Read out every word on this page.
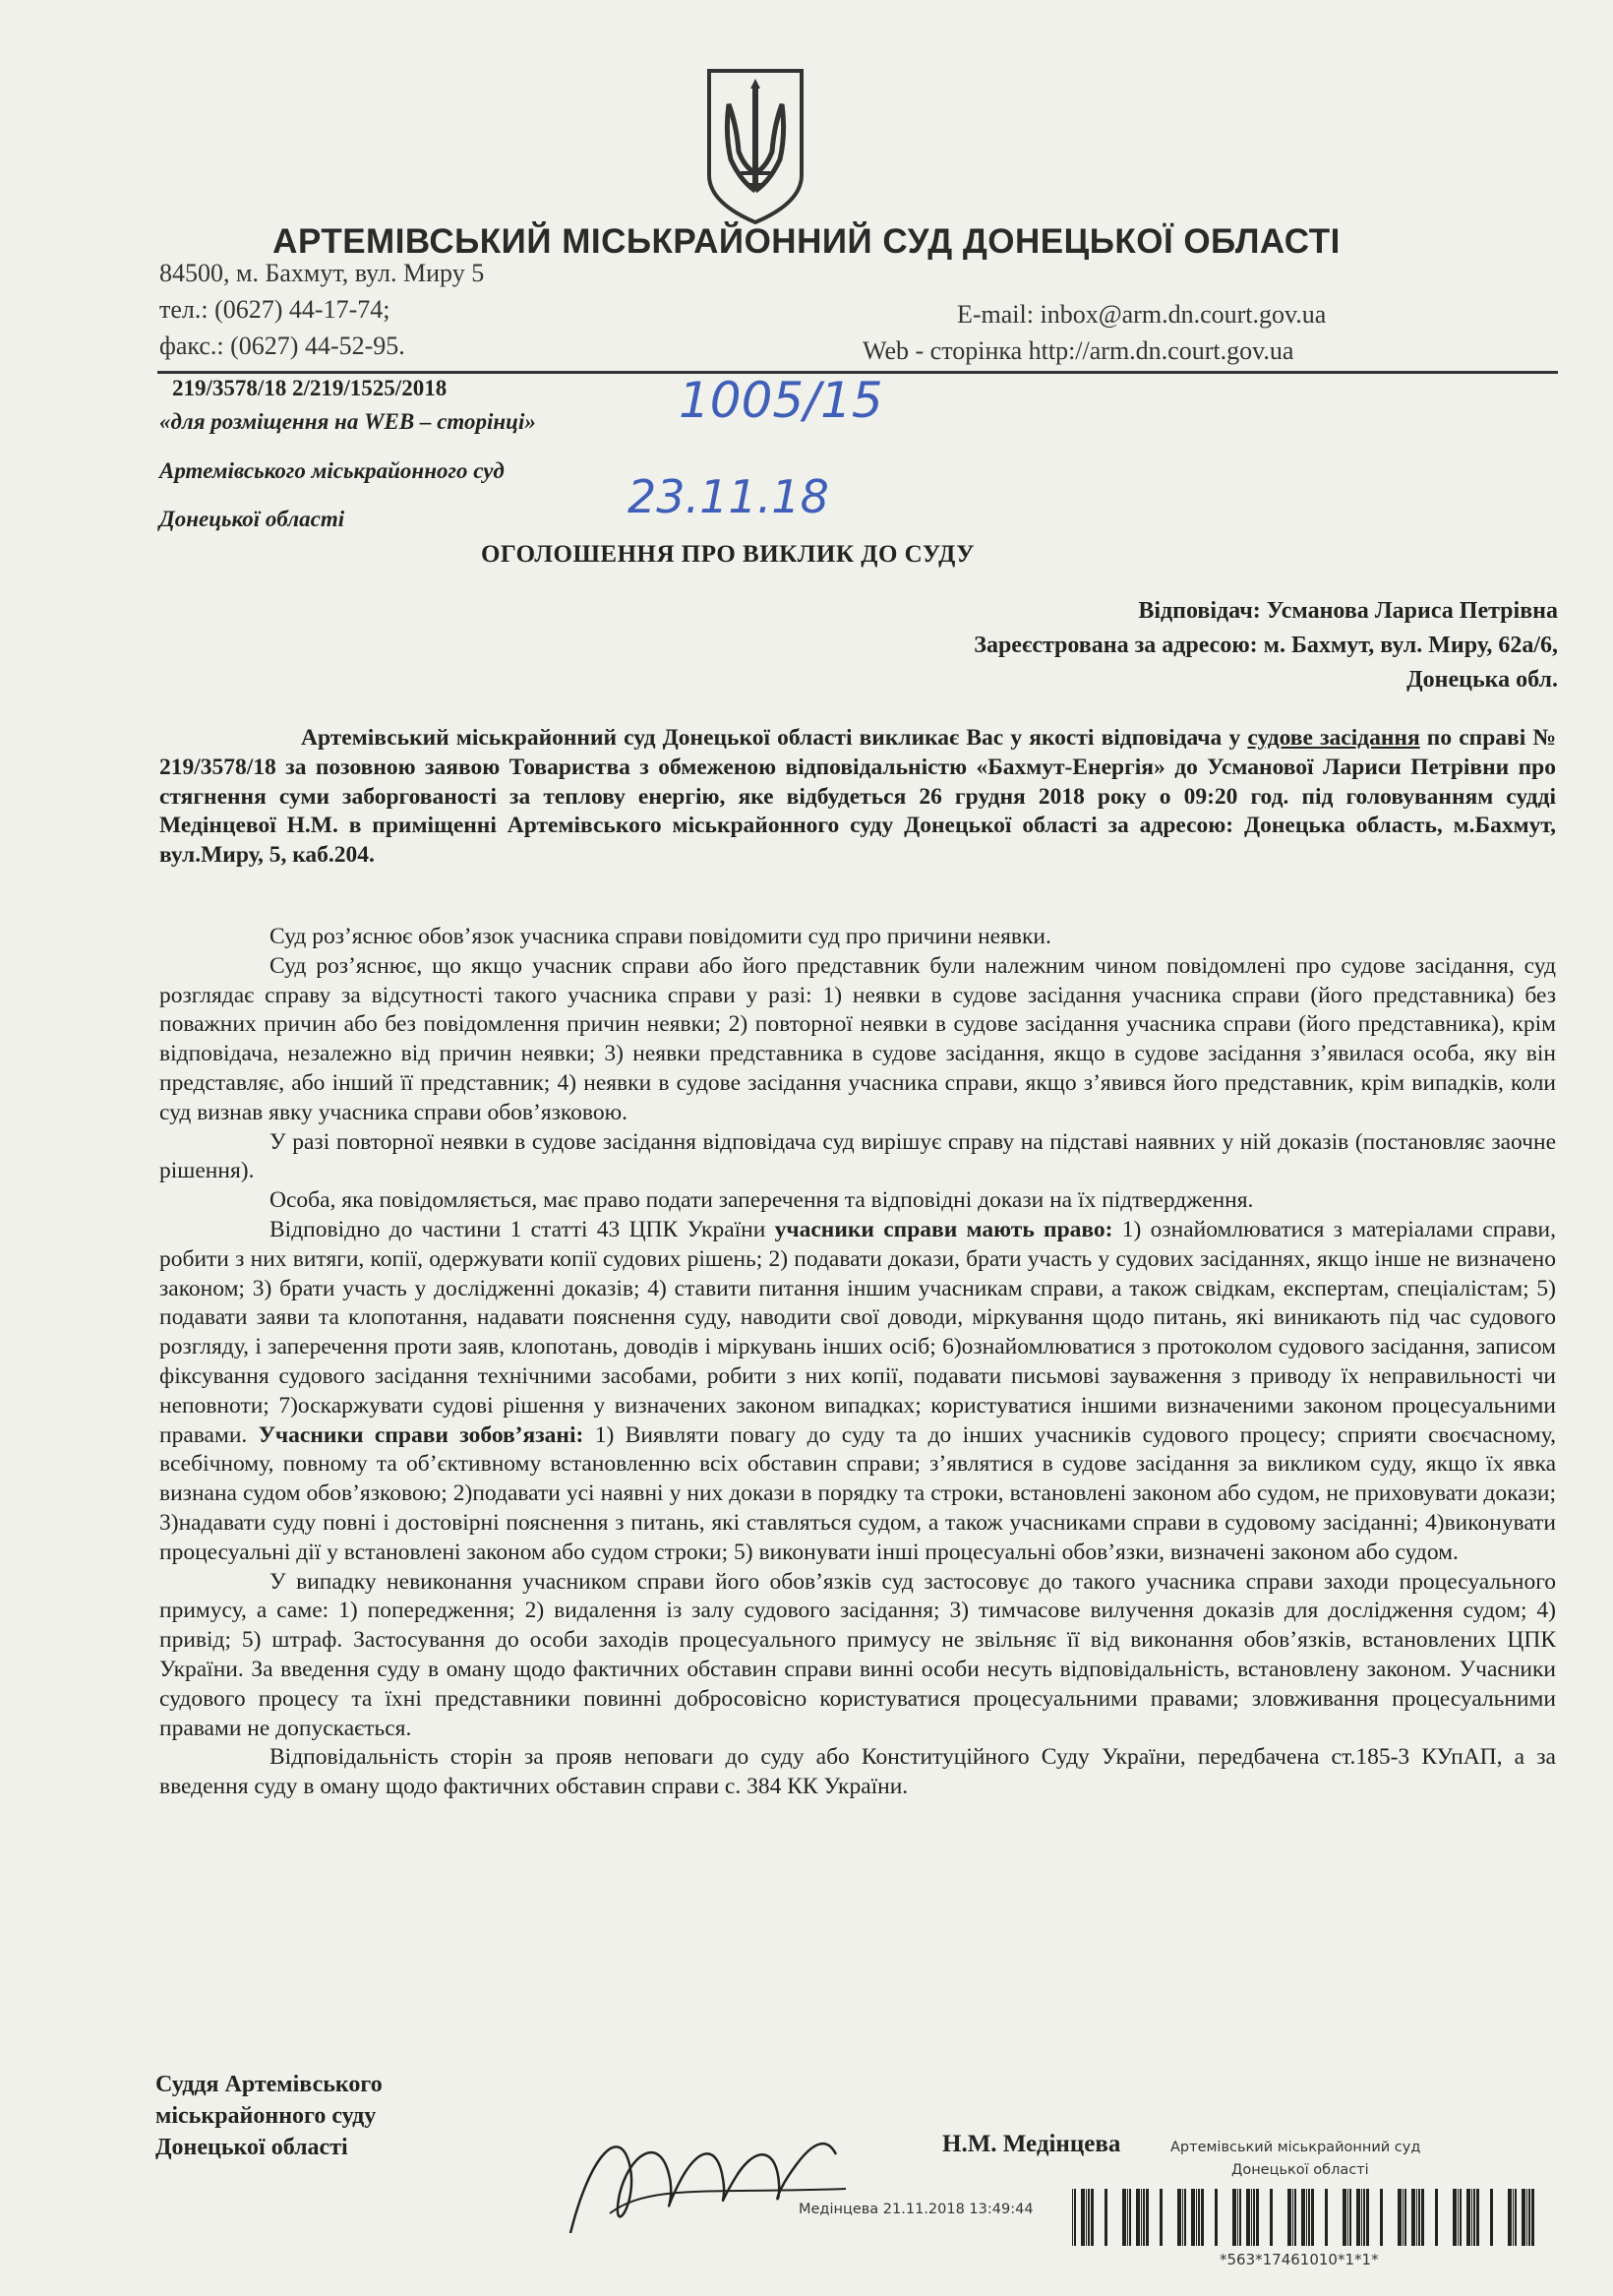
АРТЕМІВСЬКИЙ МІСЬКРАЙОННИЙ СУД ДОНЕЦЬКОЇ ОБЛАСТІ
84500, м. Бахмут, вул. Миру 5
тел.: (0627) 44-17-74;
факс.: (0627) 44-52-95.
E-mail: inbox@arm.dn.court.gov.ua
Web - сторінка http://arm.dn.court.gov.ua
219/3578/18 2/219/1525/2018
«для розміщення на WEB – сторінці»
Артемівського міськрайонного суд
Донецької області
1005/15
23.11.18
ОГОЛОШЕННЯ ПРО ВИКЛИК ДО СУДУ
Відповідач: Усманова Лариса Петрівна
Зареєстрована за адресою: м. Бахмут, вул. Миру, 62а/6,
Донецька обл.

Артемівський міськрайонний суд Донецької області викликає Вас у якості відповідача у судове засідання по справі № 219/3578/18 за позовною заявою Товариства з обмеженою відповідальністю «Бахмут-Енергія» до Усманової Лариси Петрівни про стягнення суми заборгованості за теплову енергію, яке відбудеться 26 грудня 2018 року о 09:20 год. під головуванням судді Медінцевої Н.М. в приміщенні Артемівського міськрайонного суду Донецької області за адресою: Донецька область, м.Бахмут, вул.Миру, 5, каб.204.

Суд роз’яснює обов’язок учасника справи повідомити суд про причини неявки.

Суд роз’яснює, що якщо учасник справи або його представник були належним чином повідомлені про судове засідання, суд розглядає справу за відсутності такого учасника справи у разі: 1) неявки в судове засідання учасника справи (його представника) без поважних причин або без повідомлення причин неявки; 2) повторної неявки в судове засідання учасника справи (його представника), крім відповідача, незалежно від причин неявки; 3) неявки представника в судове засідання, якщо в судове засідання з’явилася особа, яку він представляє, або інший її представник; 4) неявки в судове засідання учасника справи, якщо з’явився його представник, крім випадків, коли суд визнав явку учасника справи обов’язковою.

У разі повторної неявки в судове засідання відповідача суд вирішує справу на підставі наявних у ній доказів (постановляє заочне рішення).

Особа, яка повідомляється, має право подати заперечення та відповідні докази на їх підтвердження.

Відповідно до частини 1 статті 43 ЦПК України учасники справи мають право: 1) ознайомлюватися з матеріалами справи, робити з них витяги, копії, одержувати копії судових рішень; 2) подавати докази, брати участь у судових засіданнях, якщо інше не визначено законом; 3) брати участь у дослідженні доказів; 4) ставити питання іншим учасникам справи, а також свідкам, експертам, спеціалістам; 5) подавати заяви та клопотання, надавати пояснення суду, наводити свої доводи, міркування щодо питань, які виникають під час судового розгляду, і заперечення проти заяв, клопотань, доводів і міркувань інших осіб; 6)ознайомлюватися з протоколом судового засідання, записом фіксування судового засідання технічними засобами, робити з них копії, подавати письмові зауваження з приводу їх неправильності чи неповноти; 7)оскаржувати судові рішення у визначених законом випадках; користуватися іншими визначеними законом процесуальними правами. Учасники справи зобов’язані: 1) Виявляти повагу до суду та до інших учасників судового процесу; сприяти своєчасному, всебічному, повному та об’єктивному встановленню всіх обставин справи; з’являтися в судове засідання за викликом суду, якщо їх явка визнана судом обов’язковою; 2)подавати усі наявні у них докази в порядку та строки, встановлені законом або судом, не приховувати докази; 3)надавати суду повні і достовірні пояснення з питань, які ставляться судом, а також учасниками справи в судовому засіданні; 4)виконувати процесуальні дії у встановлені законом або судом строки; 5) виконувати інші процесуальні обов’язки, визначені законом або судом.

У випадку невиконання учасником справи його обов’язків суд застосовує до такого учасника справи заходи процесуального примусу, а саме: 1) попередження; 2) видалення із залу судового засідання; 3) тимчасове вилучення доказів для дослідження судом; 4) привід; 5) штраф. Застосування до особи заходів процесуального примусу не звільняє її від виконання обов’язків, встановлених ЦПК України. За введення суду в оману щодо фактичних обставин справи винні особи несуть відповідальність, встановлену законом. Учасники судового процесу та їхні представники повинні добросовісно користуватися процесуальними правами; зловживання процесуальними правами не допускається.

Відповідальність сторін за прояв неповаги до суду або Конституційного Суду України, передбачена ст.185-3 КУпАП, а за введення суду в оману щодо фактичних обставин справи с. 384 КК України.

Суддя Артемівського
міськрайонного суду
Донецької області	Н.М. Медінцева	Артемівський міськрайонний суд
Донецької області
Медінцева 21.11.2018 13:49:44
*563*17461010*1*1*
